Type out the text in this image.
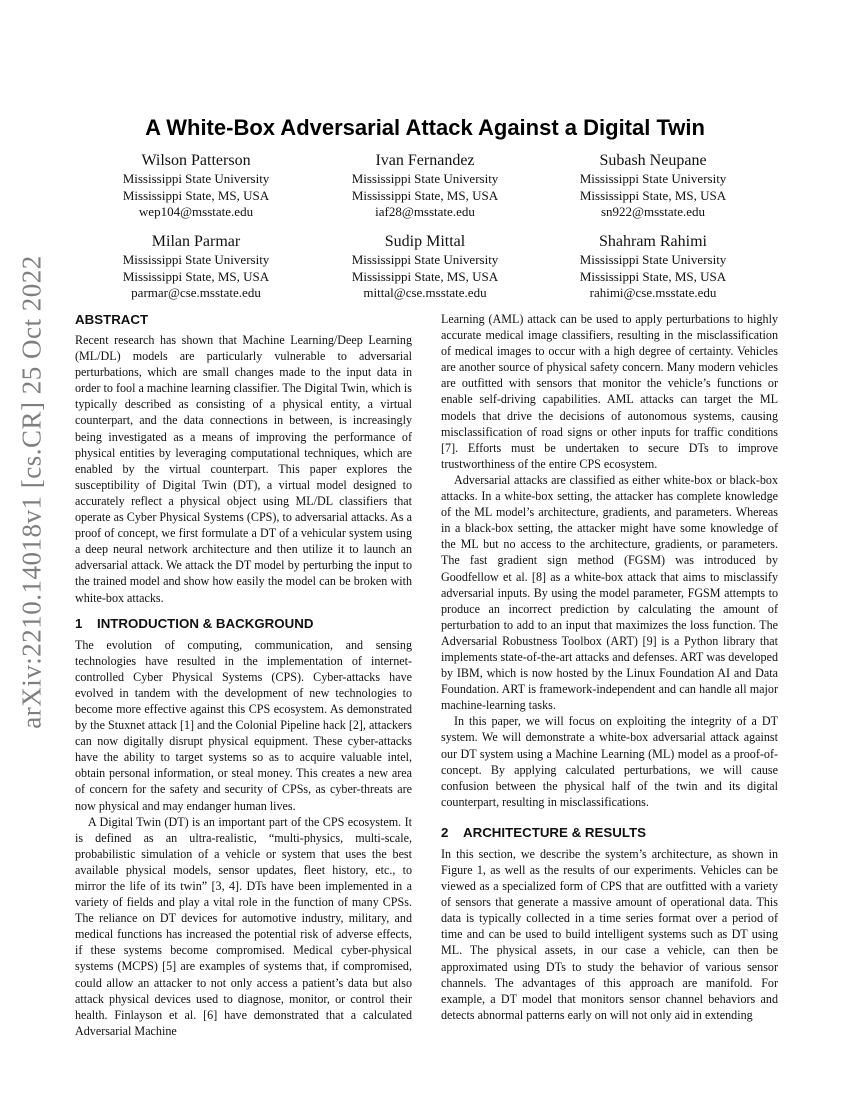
arXiv:2210.14018v1 [cs.CR] 25 Oct 2022
A White-Box Adversarial Attack Against a Digital Twin
Wilson Patterson
Mississippi State University
Mississippi State, MS, USA
wep104@msstate.edu
Ivan Fernandez
Mississippi State University
Mississippi State, MS, USA
iaf28@msstate.edu
Subash Neupane
Mississippi State University
Mississippi State, MS, USA
sn922@msstate.edu
Milan Parmar
Mississippi State University
Mississippi State, MS, USA
parmar@cse.msstate.edu
Sudip Mittal
Mississippi State University
Mississippi State, MS, USA
mittal@cse.msstate.edu
Shahram Rahimi
Mississippi State University
Mississippi State, MS, USA
rahimi@cse.msstate.edu
ABSTRACT

Recent research has shown that Machine Learning/Deep Learning (ML/DL) models are particularly vulnerable to adversarial perturbations, which are small changes made to the input data in order to fool a machine learning classifier. The Digital Twin, which is typically described as consisting of a physical entity, a virtual counterpart, and the data connections in between, is increasingly being investigated as a means of improving the performance of physical entities by leveraging computational techniques, which are enabled by the virtual counterpart. This paper explores the susceptibility of Digital Twin (DT), a virtual model designed to accurately reflect a physical object using ML/DL classifiers that operate as Cyber Physical Systems (CPS), to adversarial attacks. As a proof of concept, we first formulate a DT of a vehicular system using a deep neural network architecture and then utilize it to launch an adversarial attack. We attack the DT model by perturbing the input to the trained model and show how easily the model can be broken with white-box attacks.

1 INTRODUCTION & BACKGROUND

The evolution of computing, communication, and sensing technologies have resulted in the implementation of internet-controlled Cyber Physical Systems (CPS). Cyber-attacks have evolved in tandem with the development of new technologies to become more effective against this CPS ecosystem. As demonstrated by the Stuxnet attack [1] and the Colonial Pipeline hack [2], attackers can now digitally disrupt physical equipment. These cyber-attacks have the ability to target systems so as to acquire valuable intel, obtain personal information, or steal money. This creates a new area of concern for the safety and security of CPSs, as cyber-threats are now physical and may endanger human lives.

A Digital Twin (DT) is an important part of the CPS ecosystem. It is defined as an ultra-realistic, “multi-physics, multi-scale, probabilistic simulation of a vehicle or system that uses the best available physical models, sensor updates, fleet history, etc., to mirror the life of its twin” [3, 4]. DTs have been implemented in a variety of fields and play a vital role in the function of many CPSs. The reliance on DT devices for automotive industry, military, and medical functions has increased the potential risk of adverse effects, if these systems become compromised. Medical cyber-physical systems (MCPS) [5] are examples of systems that, if compromised, could allow an attacker to not only access a patient’s data but also attack physical devices used to diagnose, monitor, or control their health. Finlayson et al. [6] have demonstrated that a calculated Adversarial Machine

Learning (AML) attack can be used to apply perturbations to highly accurate medical image classifiers, resulting in the misclassification of medical images to occur with a high degree of certainty. Vehicles are another source of physical safety concern. Many modern vehicles are outfitted with sensors that monitor the vehicle’s functions or enable self-driving capabilities. AML attacks can target the ML models that drive the decisions of autonomous systems, causing misclassification of road signs or other inputs for traffic conditions [7]. Efforts must be undertaken to secure DTs to improve trustworthiness of the entire CPS ecosystem.

Adversarial attacks are classified as either white-box or black-box attacks. In a white-box setting, the attacker has complete knowledge of the ML model’s architecture, gradients, and parameters. Whereas in a black-box setting, the attacker might have some knowledge of the ML but no access to the architecture, gradients, or parameters. The fast gradient sign method (FGSM) was introduced by Goodfellow et al. [8] as a white-box attack that aims to misclassify adversarial inputs. By using the model parameter, FGSM attempts to produce an incorrect prediction by calculating the amount of perturbation to add to an input that maximizes the loss function. The Adversarial Robustness Toolbox (ART) [9] is a Python library that implements state-of-the-art attacks and defenses. ART was developed by IBM, which is now hosted by the Linux Foundation AI and Data Foundation. ART is framework-independent and can handle all major machine-learning tasks.

In this paper, we will focus on exploiting the integrity of a DT system. We will demonstrate a white-box adversarial attack against our DT system using a Machine Learning (ML) model as a proof-of-concept. By applying calculated perturbations, we will cause confusion between the physical half of the twin and its digital counterpart, resulting in misclassifications.

2 ARCHITECTURE & RESULTS

In this section, we describe the system’s architecture, as shown in Figure 1, as well as the results of our experiments. Vehicles can be viewed as a specialized form of CPS that are outfitted with a variety of sensors that generate a massive amount of operational data. This data is typically collected in a time series format over a period of time and can be used to build intelligent systems such as DT using ML. The physical assets, in our case a vehicle, can then be approximated using DTs to study the behavior of various sensor channels. The advantages of this approach are manifold. For example, a DT model that monitors sensor channel behaviors and detects abnormal patterns early on will not only aid in extending
